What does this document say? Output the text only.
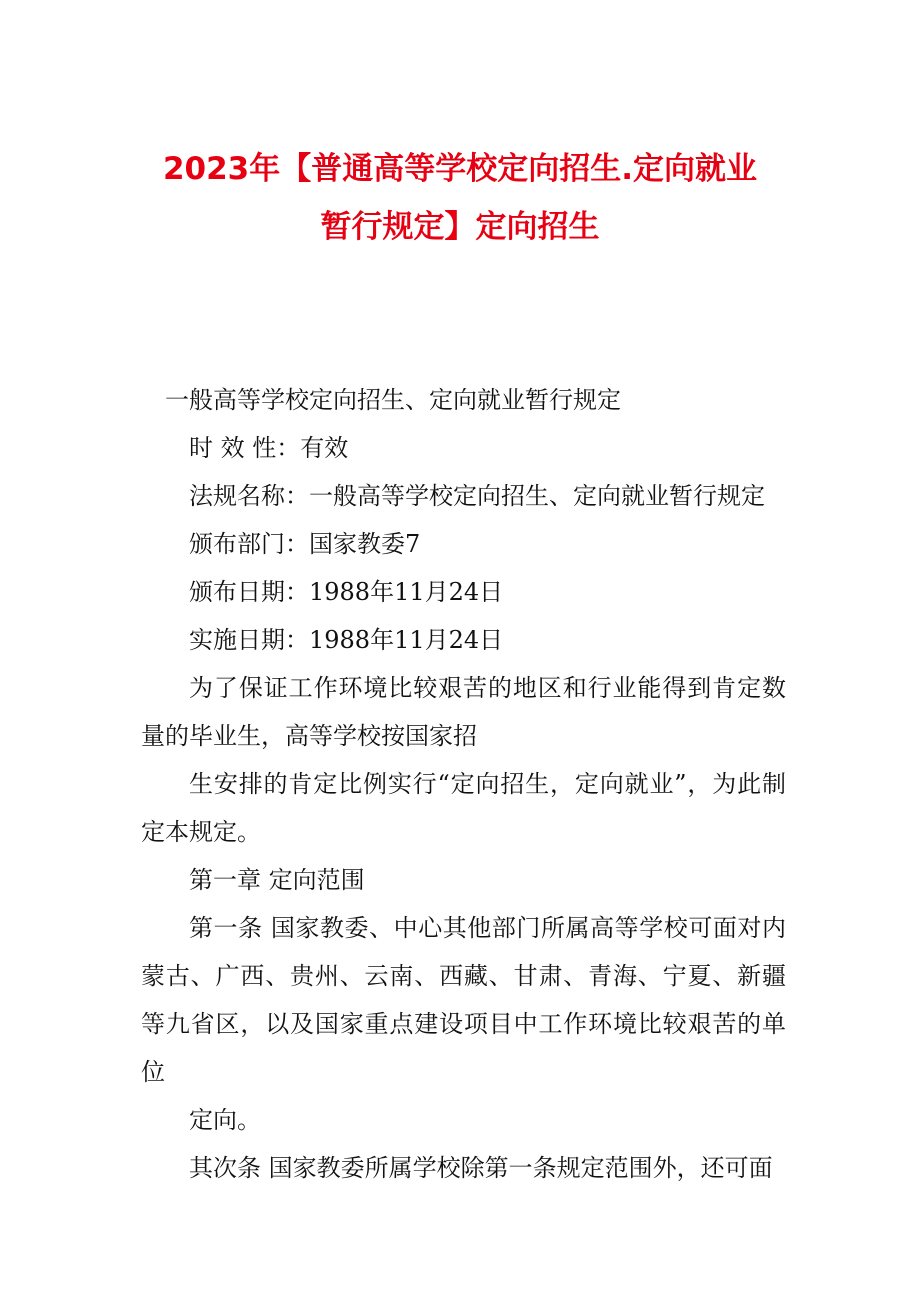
2023年【普通高等学校定向招生.定向就业
暂行规定】定向招生

一般高等学校定向招生、定向就业暂行规定

时 效 性：有效

法规名称：一般高等学校定向招生、定向就业暂行规定

颁布部门：国家教委7

颁布日期：1988年11月24日

实施日期：1988年11月24日

为了保证工作环境比较艰苦的地区和行业能得到肯定数量的毕业生，高等学校按国家招

生安排的肯定比例实行“定向招生，定向就业”，为此制定本规定。

第一章 定向范围

第一条 国家教委、中心其他部门所属高等学校可面对内蒙古、广西、贵州、云南、西藏、甘肃、青海、宁夏、新疆等九省区，以及国家重点建设项目中工作环境比较艰苦的单位

定向。

其次条 国家教委所属学校除第一条规定范围外，还可面
